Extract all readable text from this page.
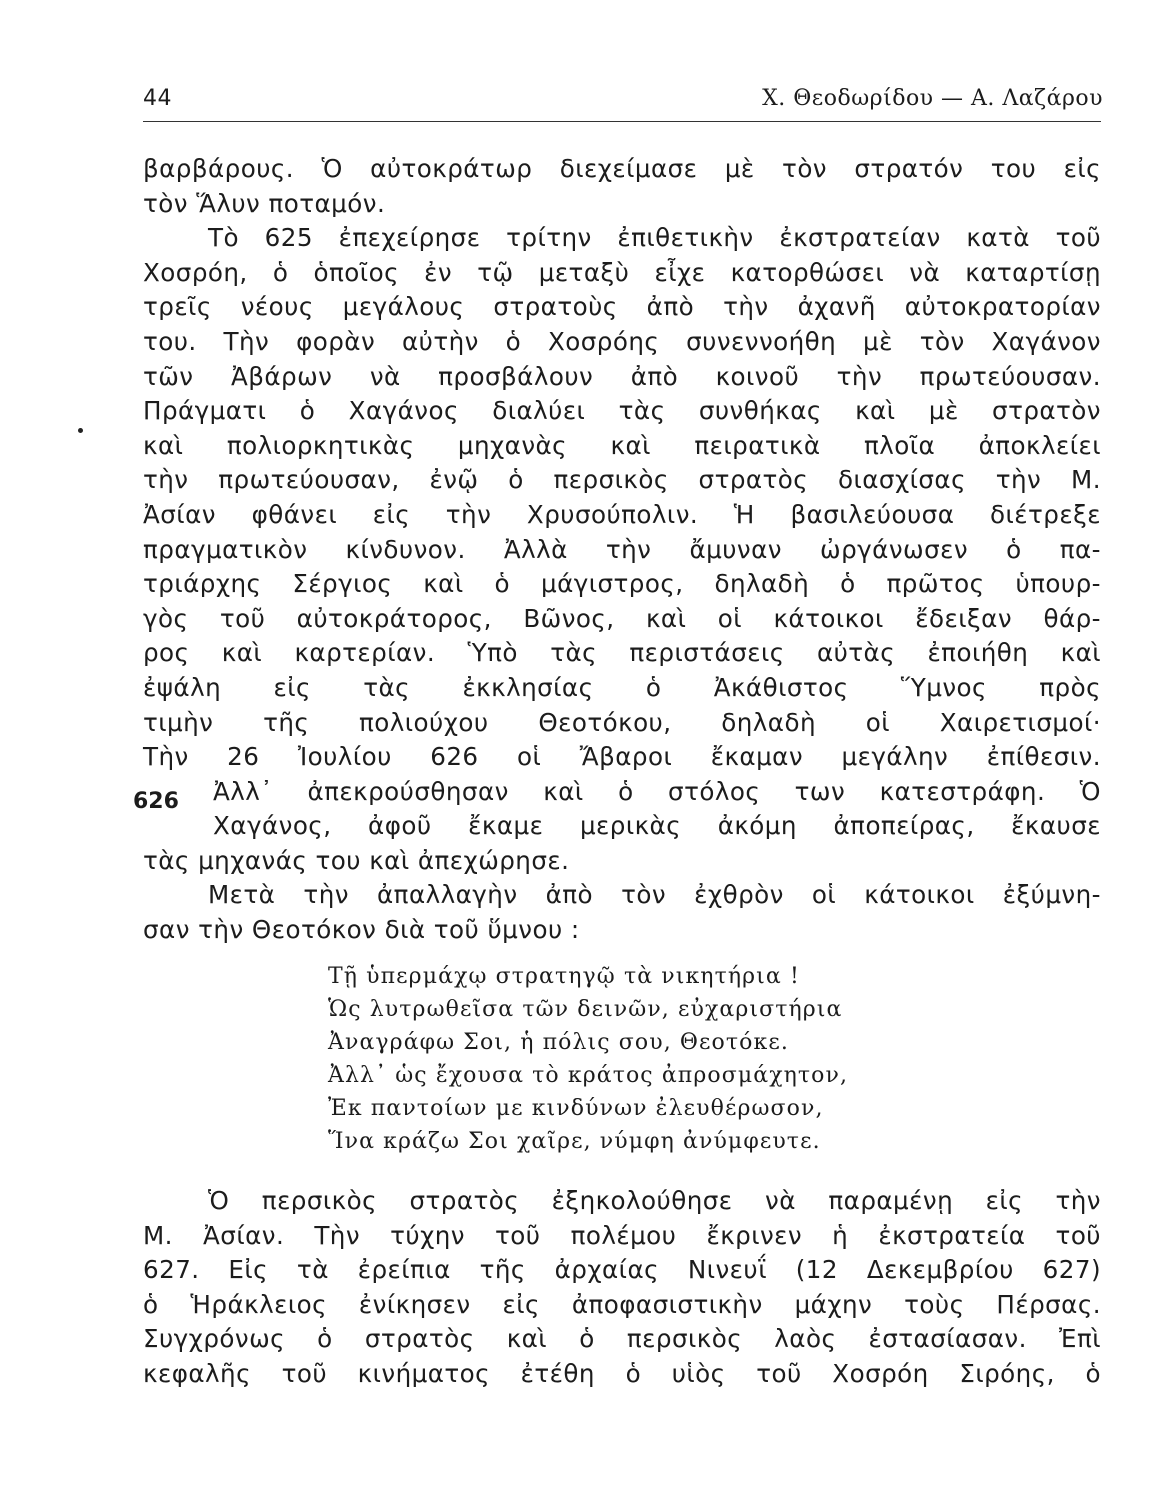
44	Χ. Θεοδωρίδου — Α. Λαζάρου
βαρβάρους. Ὁ αὐτοκράτωρ διεχείμασε μὲ τὸν στρατόν του εἰς
τὸν Ἅλυν ποταμόν.
Τὸ 625 ἐπεχείρησε τρίτην ἐπιθετικὴν ἐκστρατείαν κατὰ τοῦ
Χοσρόη, ὁ ὁποῖος ἐν τῷ μεταξὺ εἶχε κατορθώσει νὰ καταρτίσῃ
τρεῖς νέους μεγάλους στρατοὺς ἀπὸ τὴν ἀχανῆ αὐτοκρατορίαν
του. Τὴν φορὰν αὐτὴν ὁ Χοσρόης συνεννοήθη μὲ τὸν Χαγάνον
τῶν Ἀβάρων νὰ προσβάλουν ἀπὸ κοινοῦ τὴν πρωτεύουσαν.
Πράγματι ὁ Χαγάνος διαλύει τὰς συνθήκας καὶ μὲ στρατὸν
καὶ πολιορκητικὰς μηχανὰς καὶ πειρατικὰ πλοῖα ἀποκλείει
τὴν πρωτεύουσαν, ἐνῷ ὁ περσικὸς στρατὸς διασχίσας τὴν Μ.
Ἀσίαν φθάνει εἰς τὴν Χρυσούπολιν. Ἡ βασιλεύουσα διέτρεξε
πραγματικὸν κίνδυνον. Ἀλλὰ τὴν ἄμυναν ὠργάνωσεν ὁ πα-
τριάρχης Σέργιος καὶ ὁ μάγιστρος, δηλαδὴ ὁ πρῶτος ὑπουρ-
γὸς τοῦ αὐτοκράτορος, Βῶνος, καὶ οἱ κάτοικοι ἔδειξαν θάρ-
ρος καὶ καρτερίαν. Ὑπὸ τὰς περιστάσεις αὐτὰς ἐποιήθη καὶ
ἐψάλη εἰς τὰς ἐκκλησίας ὁ Ἀκάθιστος Ὕμνος πρὸς
τιμὴν τῆς πολιούχου Θεοτόκου, δηλαδὴ οἱ Χαιρετισμοί·
Τὴν 26 Ἰουλίου 626 οἱ Ἄβαροι ἔκαμαν μεγάλην ἐπίθεσιν.
Ἀλλ᾽ ἀπεκρούσθησαν καὶ ὁ στόλος των κατεστράφη. Ὁ
Χαγάνος, ἀφοῦ ἔκαμε μερικὰς ἀκόμη ἀποπείρας, ἔκαυσε
τὰς μηχανάς του καὶ ἀπεχώρησε.
Μετὰ τὴν ἀπαλλαγὴν ἀπὸ τὸν ἐχθρὸν οἱ κάτοικοι ἐξύμνη-
σαν τὴν Θεοτόκον διὰ τοῦ ὕμνου :
626
Τῇ ὑπερμάχῳ στρατηγῷ τὰ νικητήρια !
Ὡς λυτρωθεῖσα τῶν δεινῶν, εὐχαριστήρια
Ἀναγράφω Σοι, ἡ πόλις σου, Θεοτόκε.
Ἀλλ᾽ ὡς ἔχουσα τὸ κράτος ἀπροσμάχητον,
Ἐκ παντοίων με κινδύνων ἐλευθέρωσον,
Ἵνα κράζω Σοι χαῖρε, νύμφη ἀνύμφευτε.
Ὁ περσικὸς στρατὸς ἐξηκολούθησε νὰ παραμένῃ εἰς τὴν
Μ. Ἀσίαν. Τὴν τύχην τοῦ πολέμου ἔκρινεν ἡ ἐκστρατεία τοῦ
627. Εἰς τὰ ἐρείπια τῆς ἀρχαίας Νινευΐ (12 Δεκεμβρίου 627)
ὁ Ἡράκλειος ἐνίκησεν εἰς ἀποφασιστικὴν μάχην τοὺς Πέρσας.
Συγχρόνως ὁ στρατὸς καὶ ὁ περσικὸς λαὸς ἐστασίασαν. Ἐπὶ
κεφαλῆς τοῦ κινήματος ἐτέθη ὁ υἱὸς τοῦ Χοσρόη Σιρόης, ὁ
